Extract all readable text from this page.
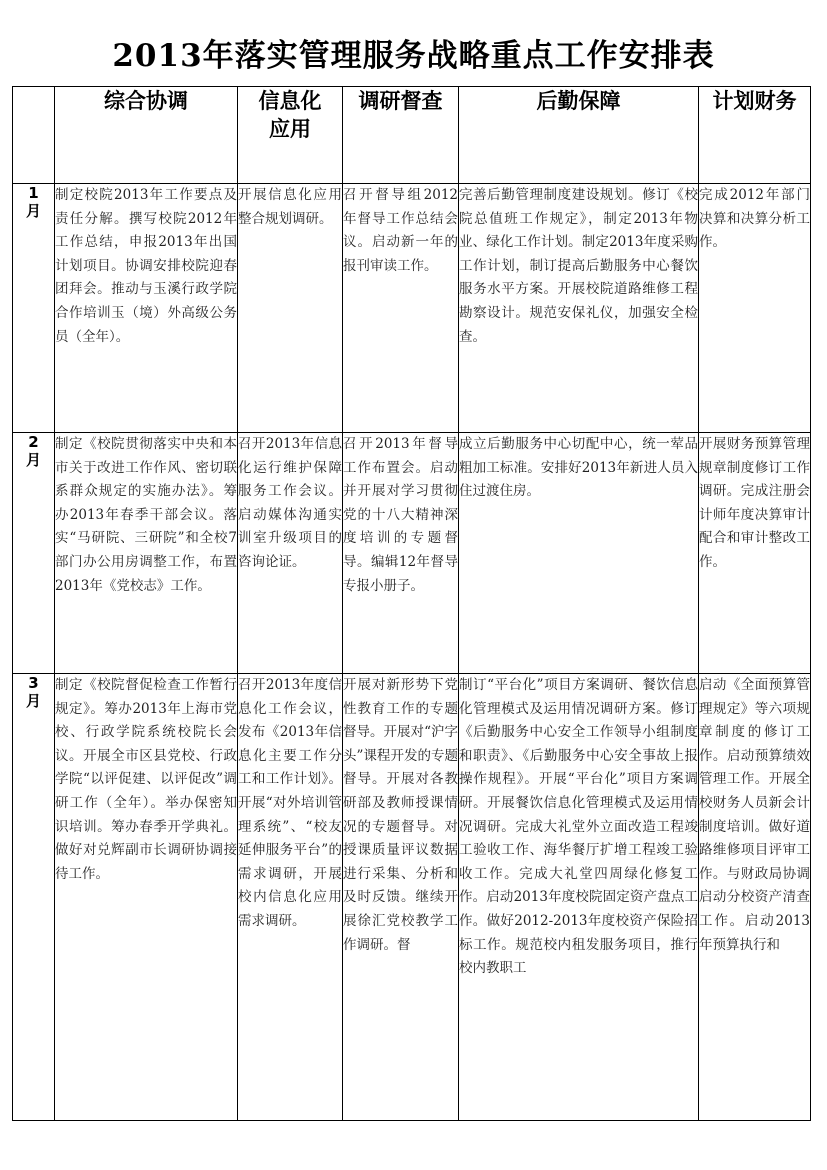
2013年落实管理服务战略重点工作安排表
	综合协调	信息化应用	调研督查	后勤保障	计划财务
1月	制定校院2013年工作要点及责任分解。撰写校院2012年工作总结，申报2013年出国计划项目。协调安排校院迎春团拜会。推动与玉溪行政学院合作培训玉（境）外高级公务员（全年）。	开展信息化应用整合规划调研。	召开督导组2012年督导工作总结会议。启动新一年的报刊审读工作。	完善后勤管理制度建设规划。修订《校院总值班工作规定》，制定2013年物业、绿化工作计划。制定2013年度采购工作计划，制订提高后勤服务中心餐饮服务水平方案。开展校院道路维修工程勘察设计。规范安保礼仪，加强安全检查。	完成2012年部门决算和决算分析工作。

2月	制定《校院贯彻落实中央和本市关于改进工作作风、密切联系群众规定的实施办法》。筹办2013年春季干部会议。落实“马研院、三研院”和全校7部门办公用房调整工作，布置2013年《党校志》工作。	召开2013年信息化运行维护保障服务工作会议。启动媒体沟通实训室升级项目的咨询论证。	召开2013年督导工作布置会。启动并开展对学习贯彻党的十八大精神深度培训的专题督导。编辑12年督导专报小册子。	成立后勤服务中心切配中心，统一荤品粗加工标准。安排好2013年新进人员入住过渡住房。	开展财务预算管理规章制度修订工作调研。完成注册会计师年度决算审计配合和审计整改工作。

3月	制定《校院督促检查工作暂行规定》。筹办2013年上海市党校、行政学院系统校院长会议。开展全市区县党校、行政学院“以评促建、以评促改”调研工作（全年）。举办保密知识培训。筹办春季开学典礼。做好对兑辉副市长调研协调接待工作。	召开2013年度信息化工作会议，发布《2013年信息化主要工作分工和工作计划》。开展“对外培训管理系统”、“校友延伸服务平台”的需求调研，开展校内信息化应用需求调研。	开展对新形势下党性教育工作的专题督导。开展对“沪字头”课程开发的专题督导。开展对各教研部及教师授课情况的专题督导。对授课质量评议数据进行采集、分析和及时反馈。继续开展徐汇党校教学工作调研。督	制订“平台化”项目方案调研、餐饮信息化管理模式及运用情况调研方案。修订《后勤服务中心安全工作领导小组制度和职责》、《后勤服务中心安全事故上报操作规程》。开展“平台化”项目方案调研。开展餐饮信息化管理模式及运用情况调研。完成大礼堂外立面改造工程竣工验收工作、海华餐厅扩增工程竣工验收工作。完成大礼堂四周绿化修复工作。启动2013年度校院固定资产盘点工作。做好2012-2013年度校资产保险招标工作。规范校内租发服务项目，推行校内教职工	启动《全面预算管理规定》等六项规章制度的修订工作。启动预算绩效管理工作。开展全校财务人员新会计制度培训。做好道路维修项目评审工作。与财政局协调启动分校资产清查工作。启动2013年预算执行和
